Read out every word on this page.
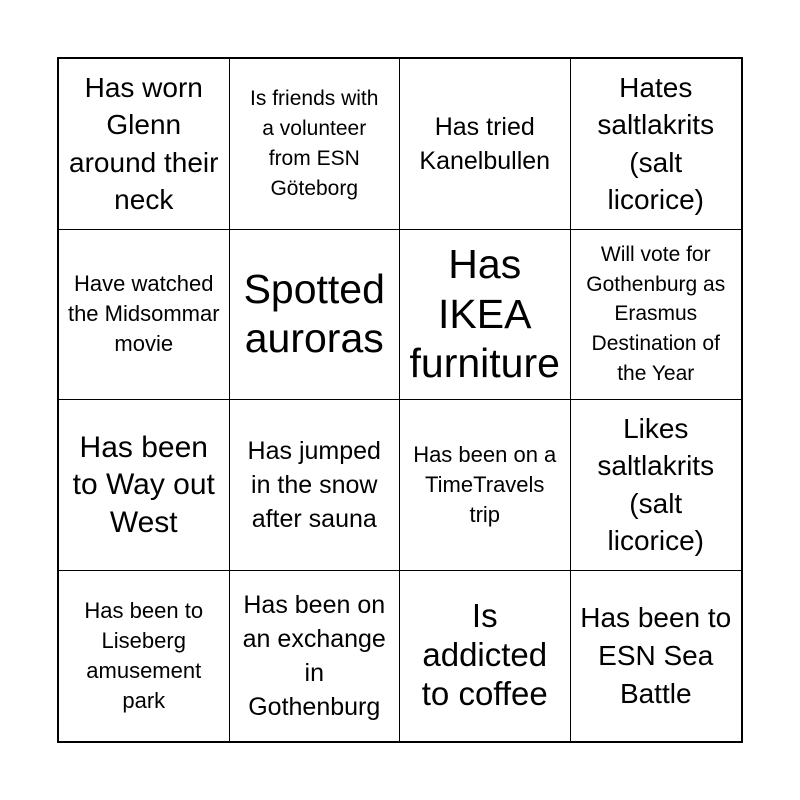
Has worn Glenn around their neck
Is friends with a volunteer from ESN Göteborg
Has tried Kanelbullen
Hates saltlakrits (salt licorice)
Have watched the Midsommar movie
Spotted auroras
Has IKEA furniture
Will vote for Gothenburg as Erasmus Destination of the Year
Has been to Way out West
Has jumped in the snow after sauna
Has been on a TimeTravels trip
Likes saltlakrits (salt licorice)
Has been to Liseberg amusement park
Has been on an exchange in Gothenburg
Is addicted to coffee
Has been to ESN Sea Battle
